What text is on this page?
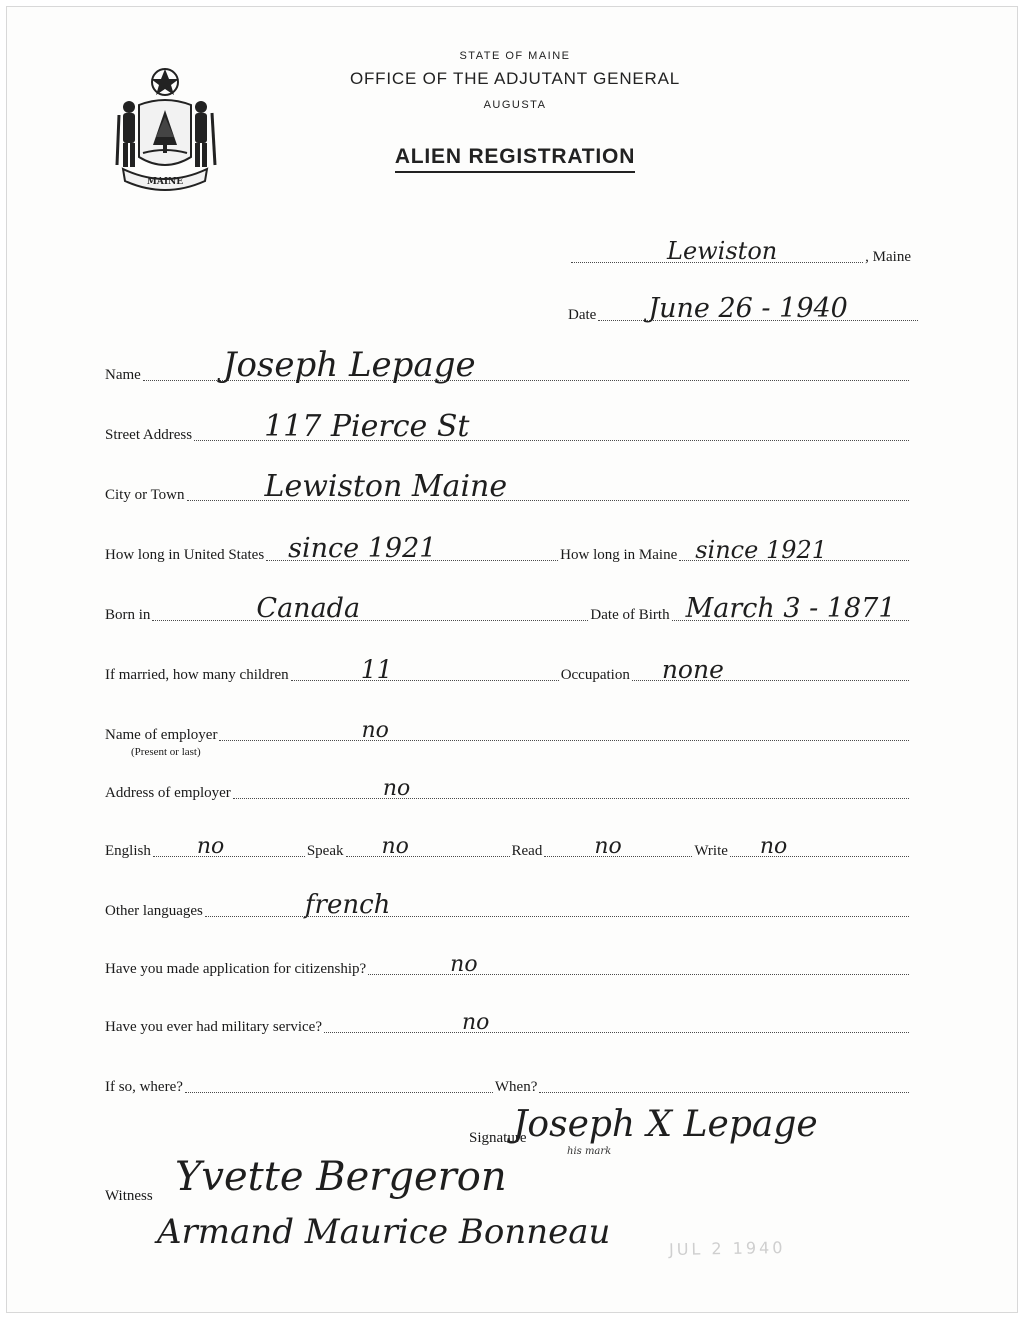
MAINE
STATE OF MAINE
OFFICE OF THE ADJUTANT GENERAL
AUGUSTA
ALIEN REGISTRATION
Lewiston	, Maine
Date June 26 - 1940
Name Joseph Lepage
Street Address 117 Pierce St
City or Town	Lewiston Maine
How long in United States since 1921	How long in Maine since 1921
Born in	Canada	Date of Birth March 3 - 1871
If married, how many children	11	Occupation none
Name of employer	no
(Present or last)
Address of employer	no
English no	Speak no	Read no	Write no
Other languages	french
Have you made application for citizenship?	no
Have you ever had military service?	no
If so, where?	When?
Signature
Joseph X Lepage
his mark
Witness Yvette Bergeron
Armand Maurice Bonneau	JUL 2 1940
